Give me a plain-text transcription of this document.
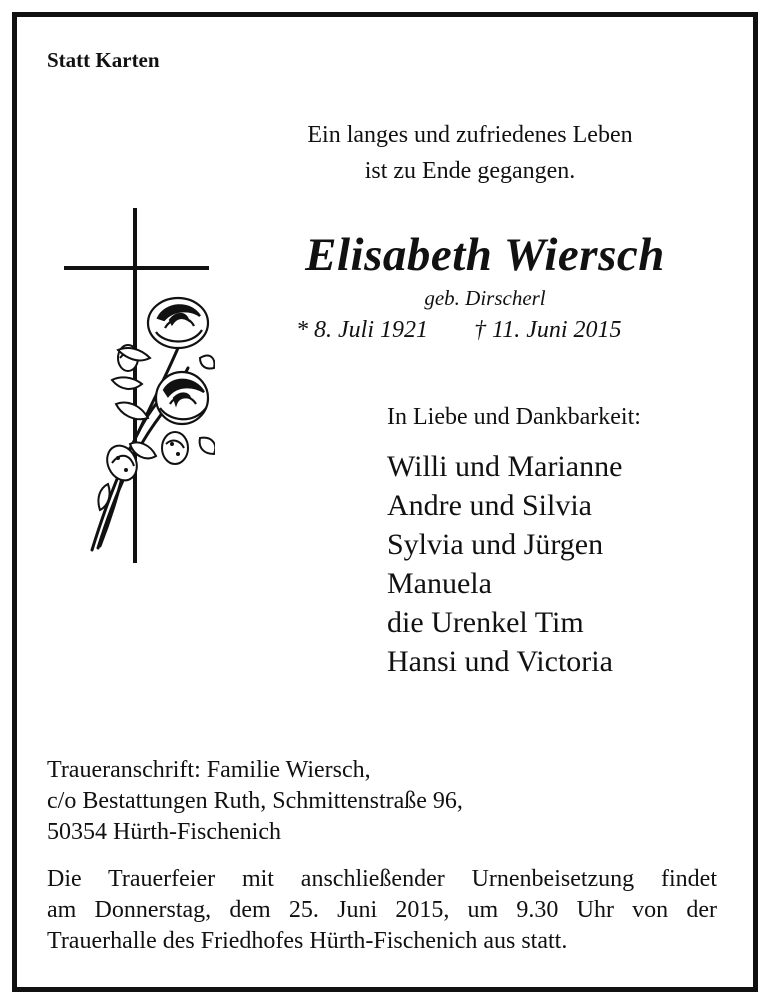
Statt Karten
Ein langes und zufriedenes Leben
ist zu Ende gegangen.
Elisabeth Wiersch
geb. Dirscherl
* 8. Juli 1921 † 11. Juni 2015
In Liebe und Dankbarkeit:
Willi und Marianne
Andre und Silvia
Sylvia und Jürgen
Manuela
die Urenkel Tim
Hansi und Victoria
Traueranschrift: Familie Wiersch,
c/o Bestattungen Ruth, Schmittenstraße 96,
50354 Hürth-Fischenich
Die Trauerfeier mit anschließender Urnenbeisetzung findet
am Donnerstag, dem 25. Juni 2015, um 9.30 Uhr von der
Trauerhalle des Friedhofes Hürth-Fischenich aus statt.
